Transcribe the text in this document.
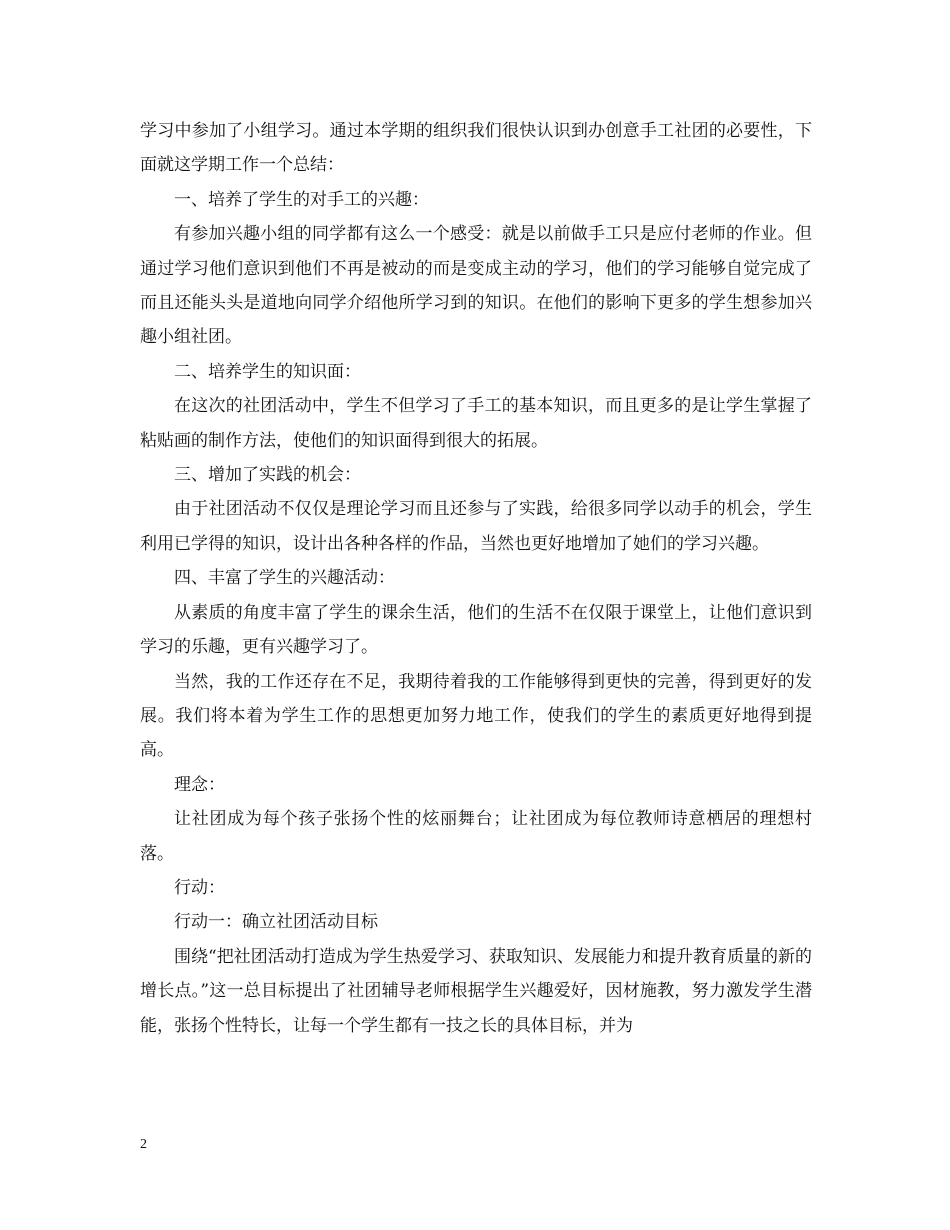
学习中参加了小组学习。通过本学期的组织我们很快认识到办创意手工社团的必要性，下面就这学期工作一个总结：

一、培养了学生的对手工的兴趣：

有参加兴趣小组的同学都有这么一个感受：就是以前做手工只是应付老师的作业。但通过学习他们意识到他们不再是被动的而是变成主动的学习，他们的学习能够自觉完成了而且还能头头是道地向同学介绍他所学习到的知识。在他们的影响下更多的学生想参加兴趣小组社团。

二、培养学生的知识面：

在这次的社团活动中，学生不但学习了手工的基本知识，而且更多的是让学生掌握了粘贴画的制作方法，使他们的知识面得到很大的拓展。

三、增加了实践的机会：

由于社团活动不仅仅是理论学习而且还参与了实践，给很多同学以动手的机会，学生利用已学得的知识，设计出各种各样的作品，当然也更好地增加了她们的学习兴趣。

四、丰富了学生的兴趣活动：

从素质的角度丰富了学生的课余生活，他们的生活不在仅限于课堂上，让他们意识到学习的乐趣，更有兴趣学习了。

当然，我的工作还存在不足，我期待着我的工作能够得到更快的完善，得到更好的发展。我们将本着为学生工作的思想更加努力地工作，使我们的学生的素质更好地得到提高。

理念：

让社团成为每个孩子张扬个性的炫丽舞台；让社团成为每位教师诗意栖居的理想村落。

行动：

行动一：确立社团活动目标

围绕“把社团活动打造成为学生热爱学习、获取知识、发展能力和提升教育质量的新的增长点。”这一总目标提出了社团辅导老师根据学生兴趣爱好，因材施教，努力激发学生潜能，张扬个性特长，让每一个学生都有一技之长的具体目标，并为

2
